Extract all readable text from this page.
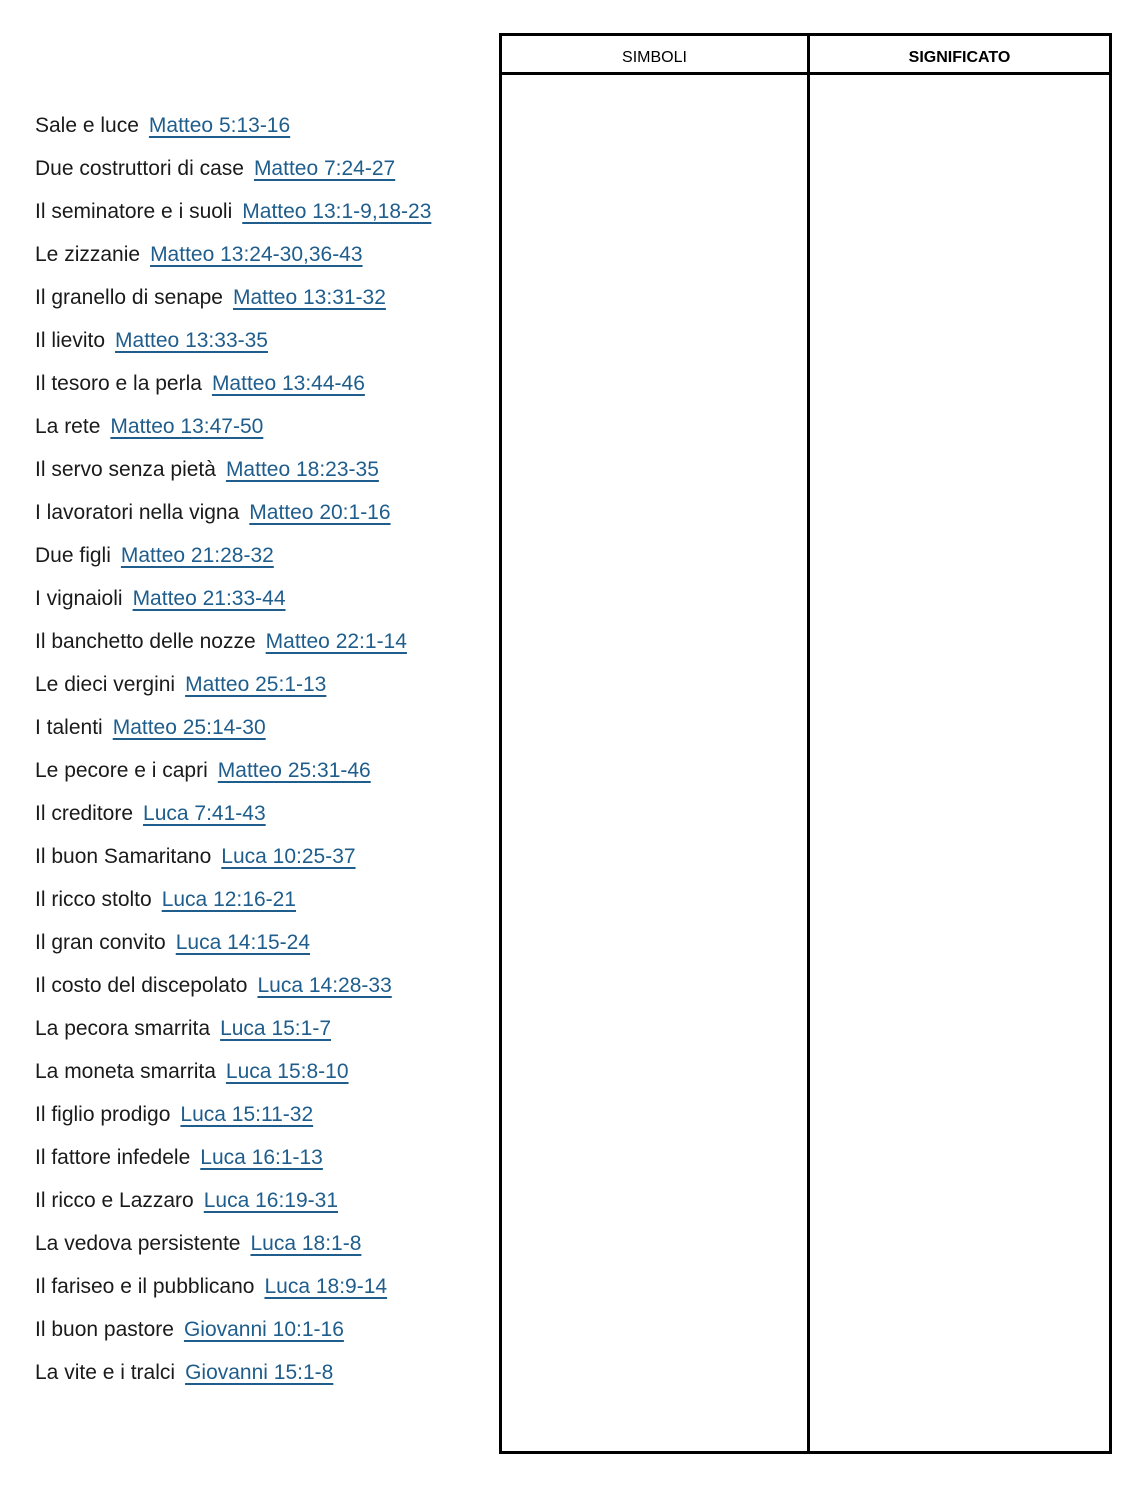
Sale e luce Matteo 5:13-16
Due costruttori di case Matteo 7:24-27
Il seminatore e i suoli Matteo 13:1-9,18-23
Le zizzanie Matteo 13:24-30,36-43
Il granello di senape Matteo 13:31-32
Il lievito Matteo 13:33-35
Il tesoro e la perla Matteo 13:44-46
La rete Matteo 13:47-50
Il servo senza pietà Matteo 18:23-35
I lavoratori nella vigna Matteo 20:1-16
Due figli Matteo 21:28-32
I vignaioli Matteo 21:33-44
Il banchetto delle nozze Matteo 22:1-14
Le dieci vergini Matteo 25:1-13
I talenti Matteo 25:14-30
Le pecore e i capri Matteo 25:31-46
Il creditore Luca 7:41-43
Il buon Samaritano Luca 10:25-37
Il ricco stolto Luca 12:16-21
Il gran convito Luca 14:15-24
Il costo del discepolato Luca 14:28-33
La pecora smarrita Luca 15:1-7
La moneta smarrita Luca 15:8-10
Il figlio prodigo Luca 15:11-32
Il fattore infedele Luca 16:1-13
Il ricco e Lazzaro Luca 16:19-31
La vedova persistente Luca 18:1-8
Il fariseo e il pubblicano Luca 18:9-14
Il buon pastore Giovanni 10:1-16
La vite e i tralci Giovanni 15:1-8
SIMBOLI	SIGNIFICATO
